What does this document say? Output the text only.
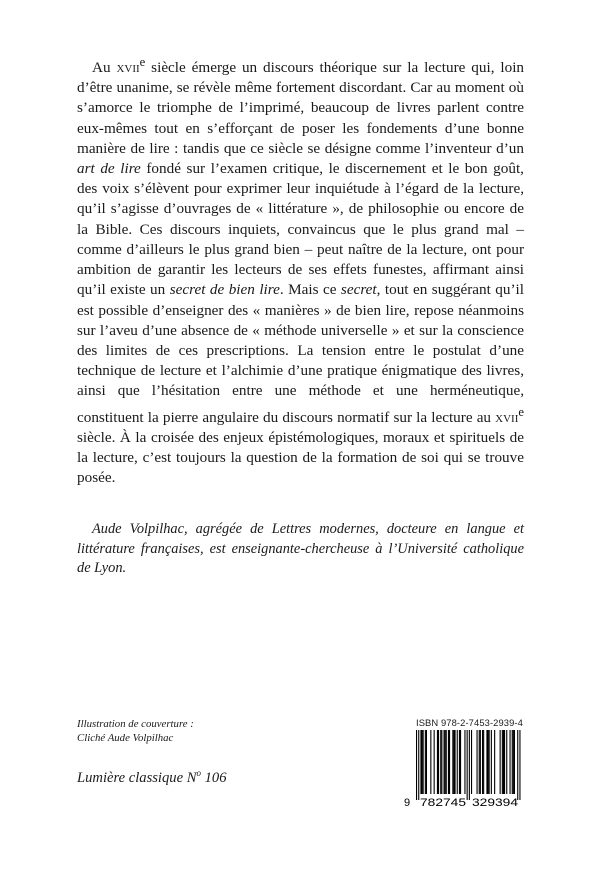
Au xvii$^e$ siècle émerge un discours théorique sur la lecture qui, loin d’être unanime, se révèle même fortement discordant. Car au moment où s’amorce le triomphe de l’imprimé, beaucoup de livres parlent contre eux-mêmes tout en s’efforçant de poser les fondements d’une bonne manière de lire : tandis que ce siècle se désigne comme l’inventeur d’un art de lire fondé sur l’examen critique, le discernement et le bon goût, des voix s’élèvent pour exprimer leur inquiétude à l’égard de la lecture, qu’il s’agisse d’ouvrages de « littérature », de philosophie ou encore de la Bible. Ces discours inquiets, convaincus que le plus grand mal – comme d’ailleurs le plus grand bien – peut naître de la lecture, ont pour ambition de garantir les lecteurs de ses effets funestes, affirmant ainsi qu’il existe un secret de bien lire. Mais ce secret, tout en suggérant qu’il est possible d’enseigner des « manières » de bien lire, repose néanmoins sur l’aveu d’une absence de « méthode universelle » et sur la conscience des limites de ces prescriptions. La tension entre le postulat d’une technique de lecture et l’alchimie d’une pratique énigmatique des livres, ainsi que l’hésitation entre une méthode et une herméneutique, constituent la pierre angulaire du discours normatif sur la lecture au xvii$^e$ siècle. À la croisée des enjeux épistémologiques, moraux et spirituels de la lecture, c’est toujours la question de la formation de soi qui se trouve posée.

Aude Volpilhac, agrégée de Lettres modernes, docteure en langue et littérature françaises, est enseignante-chercheuse à l’Université catholique de Lyon.

Illustration de couverture :
Cliché Aude Volpilhac

Lumière classique $N^o$ 106

ISBN 978-2-7453-2939-4
9 782745 329394
